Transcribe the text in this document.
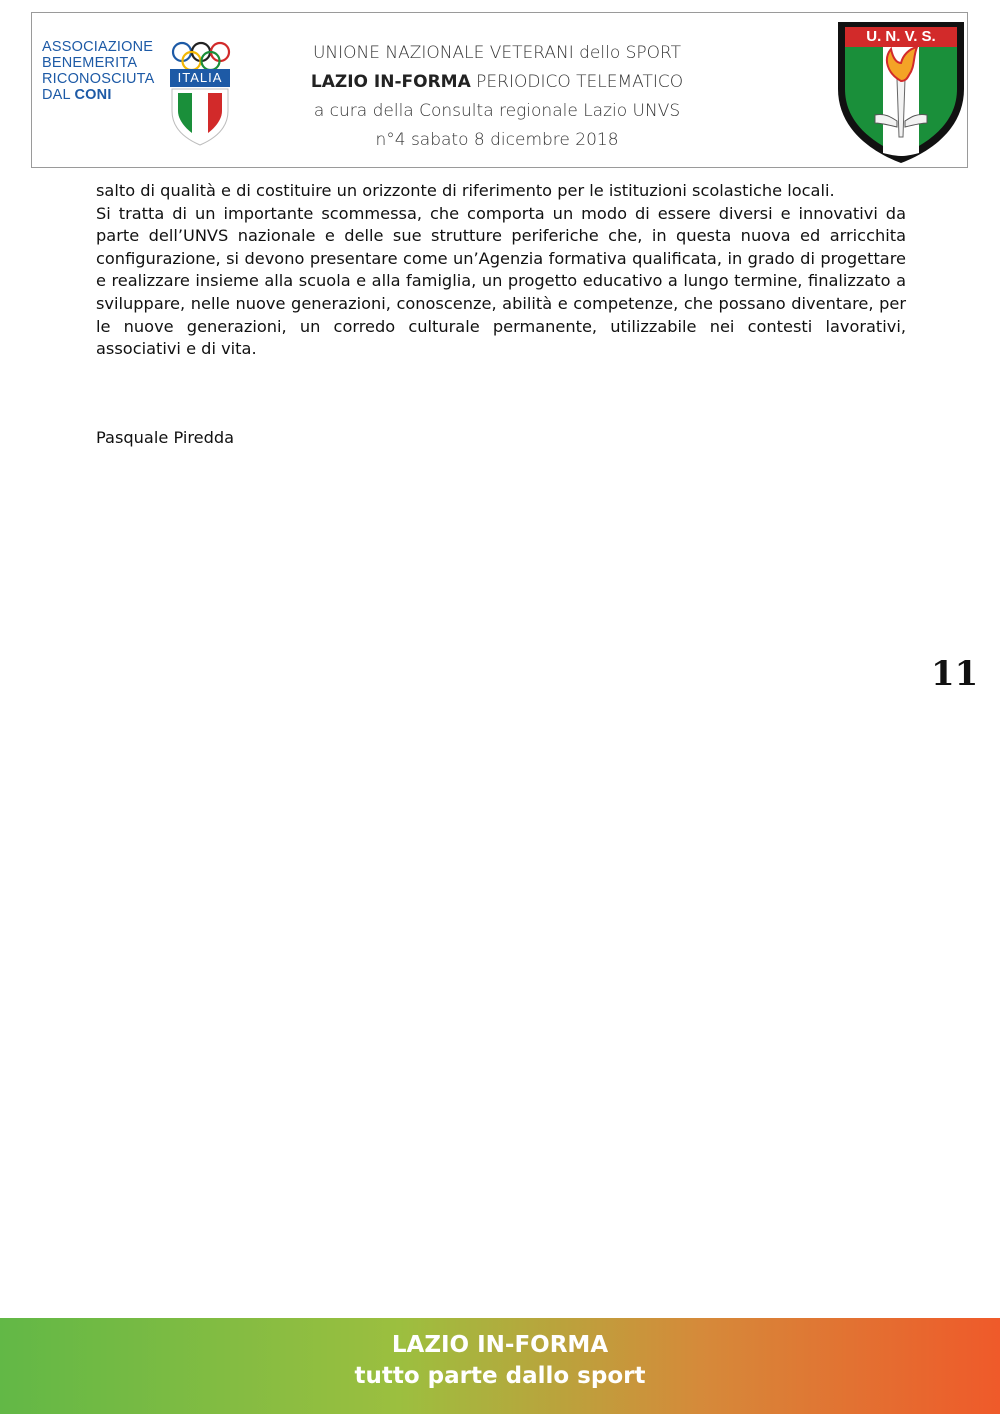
ASSOCIAZIONE
BENEMERITA
RICONOSCIUTA
DAL CONI
ITALIA
UNIONE NAZIONALE VETERANI dello SPORT
LAZIO IN-FORMA PERIODICO TELEMATICO
a cura della Consulta regionale Lazio UNVS
n°4 sabato 8 dicembre 2018
U. N. V. S.

salto di qualità e di costituire un orizzonte di riferimento per le istituzioni scolastiche locali.

Si tratta di un importante scommessa, che comporta un modo di essere diversi e innovativi da parte dell’UNVS nazionale e delle sue strutture periferiche che, in questa nuova ed arricchita configurazione, si devono presentare come un’Agenzia formativa qualificata, in grado di progettare e realizzare insieme alla scuola e alla famiglia, un progetto educativo a lungo termine, finalizzato a sviluppare, nelle nuove generazioni, conoscenze, abilità e competenze, che possano diventare, per le nuove generazioni, un corredo culturale permanente, utilizzabile nei contesti lavorativi, associativi e di vita.

Pasquale Piredda
11
LAZIO IN-FORMA
tutto parte dallo sport
